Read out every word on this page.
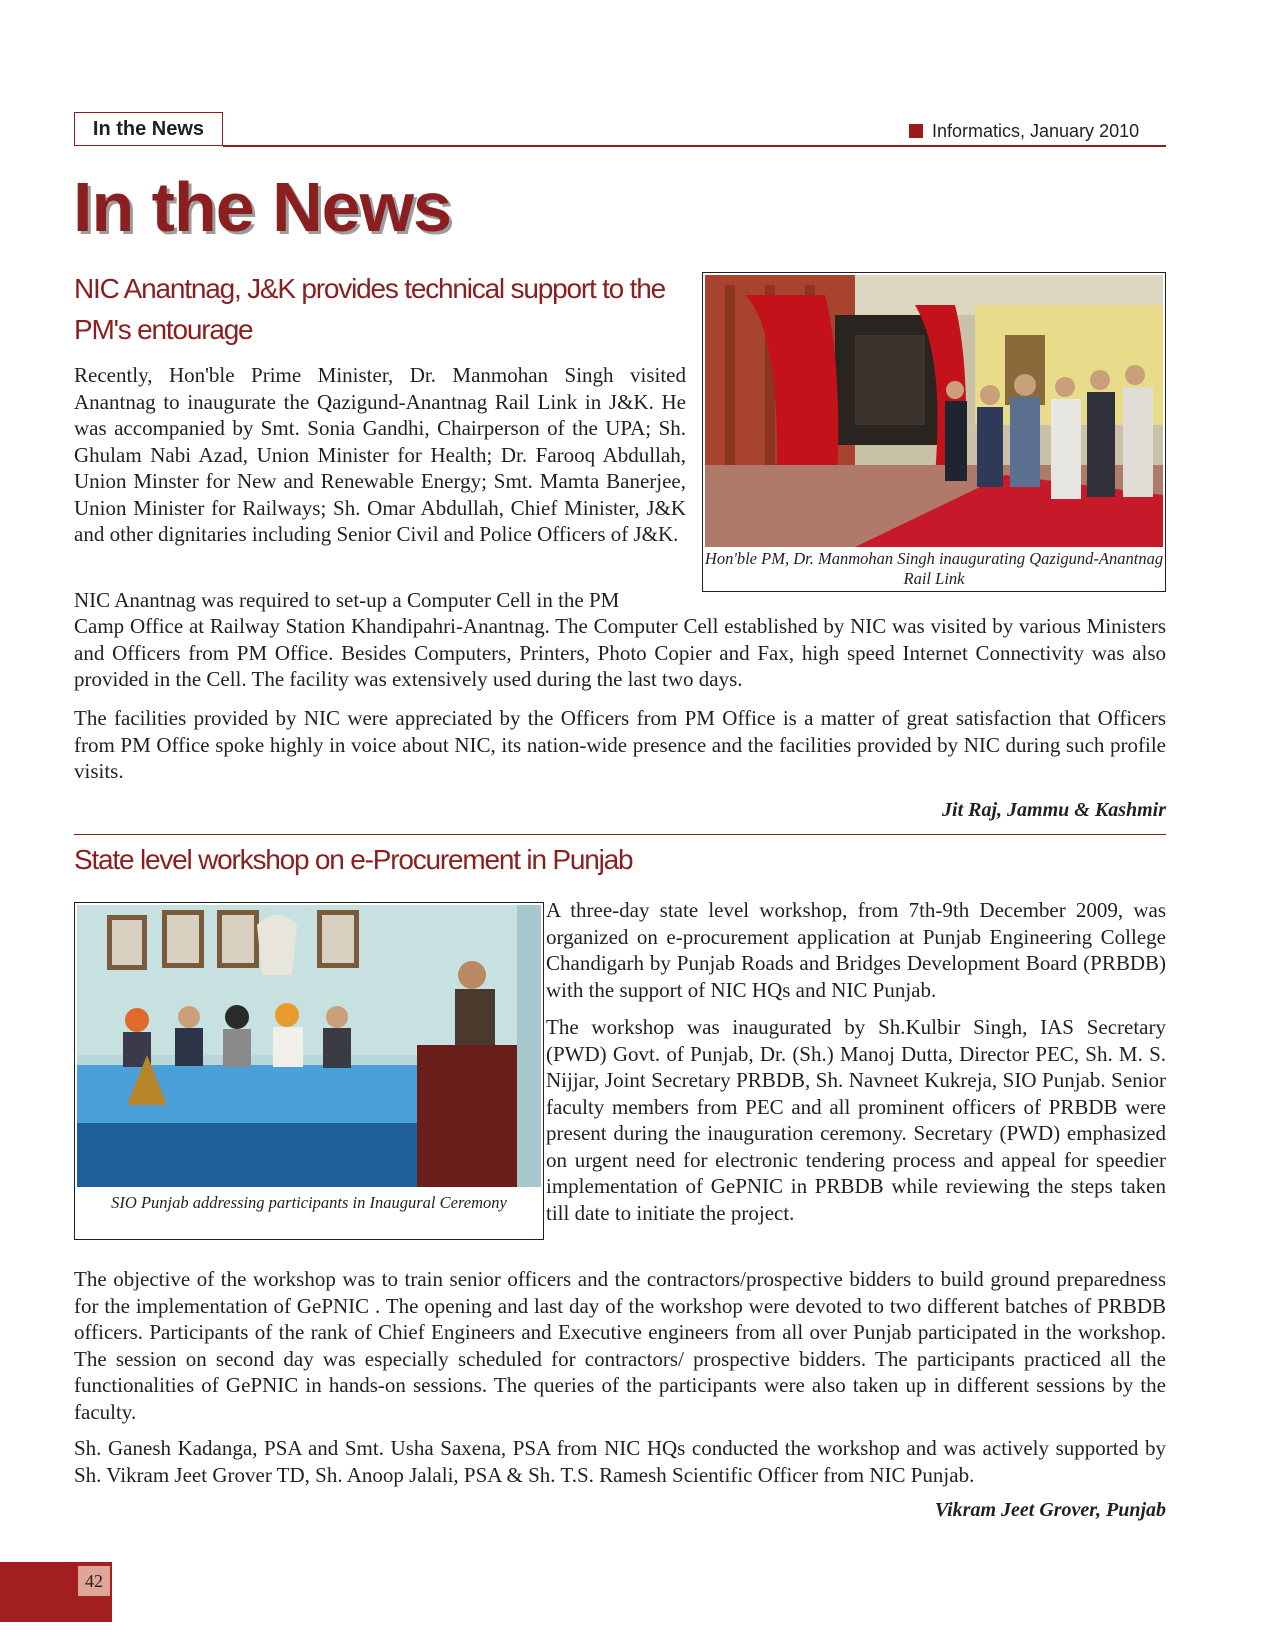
In the News	Informatics, January 2010
In the News
NIC Anantnag, J&K provides technical support to the PM's entourage

Recently, Hon'ble Prime Minister, Dr. Manmohan Singh visited Anantnag to inaugurate the Qazigund-Anantnag Rail Link in J&K. He was accompanied by Smt. Sonia Gandhi, Chairperson of the UPA; Sh. Ghulam Nabi Azad, Union Minister for Health; Dr. Farooq Abdullah, Union Minster for New and Renewable Energy; Smt. Mamta Banerjee, Union Minister for Railways; Sh. Omar Abdullah, Chief Minister, J&K and other dignitaries including Senior Civil and Police Officers of J&K.

Hon'ble PM, Dr. Manmohan Singh inaugurating Qazigund-Anantnag Rail Link

NIC Anantnag was required to set-up a Computer Cell in the PM

Camp Office at Railway Station Khandipahri-Anantnag. The Computer Cell established by NIC was visited by various Ministers and Officers from PM Office. Besides Computers, Printers, Photo Copier and Fax, high speed Internet Connectivity was also provided in the Cell. The facility was extensively used during the last two days.

The facilities provided by NIC were appreciated by the Officers from PM Office is a matter of great satisfaction that Officers from PM Office spoke highly in voice about NIC, its nation-wide presence and the facilities provided by NIC during such profile visits.

Jit Raj, Jammu & Kashmir
State level workshop on e-Procurement in Punjab
SIO Punjab addressing participants in Inaugural Ceremony

A three-day state level workshop, from 7th-9th December 2009, was organized on e-procurement application at Punjab Engineering College Chandigarh by Punjab Roads and Bridges Development Board (PRBDB) with the support of NIC HQs and NIC Punjab.

The workshop was inaugurated by Sh.Kulbir Singh, IAS Secretary (PWD) Govt. of Punjab, Dr. (Sh.) Manoj Dutta, Director PEC, Sh. M. S. Nijjar, Joint Secretary PRBDB, Sh. Navneet Kukreja, SIO Punjab. Senior faculty members from PEC and all prominent officers of PRBDB were present during the inauguration ceremony. Secretary (PWD) emphasized on urgent need for electronic tendering process and appeal for speedier implementation of GePNIC in PRBDB while reviewing the steps taken till date to initiate the project.

The objective of the workshop was to train senior officers and the contractors/prospective bidders to build ground preparedness for the implementation of GePNIC . The opening and last day of the workshop were devoted to two different batches of PRBDB officers. Participants of the rank of Chief Engineers and Executive engineers from all over Punjab participated in the workshop. The session on second day was especially scheduled for contractors/ prospective bidders. The participants practiced all the functionalities of GePNIC in hands-on sessions. The queries of the participants were also taken up in different sessions by the faculty.

Sh. Ganesh Kadanga, PSA and Smt. Usha Saxena, PSA from NIC HQs conducted the workshop and was actively supported by Sh. Vikram Jeet Grover TD, Sh. Anoop Jalali, PSA & Sh. T.S. Ramesh Scientific Officer from NIC Punjab.

Vikram Jeet Grover, Punjab
42
